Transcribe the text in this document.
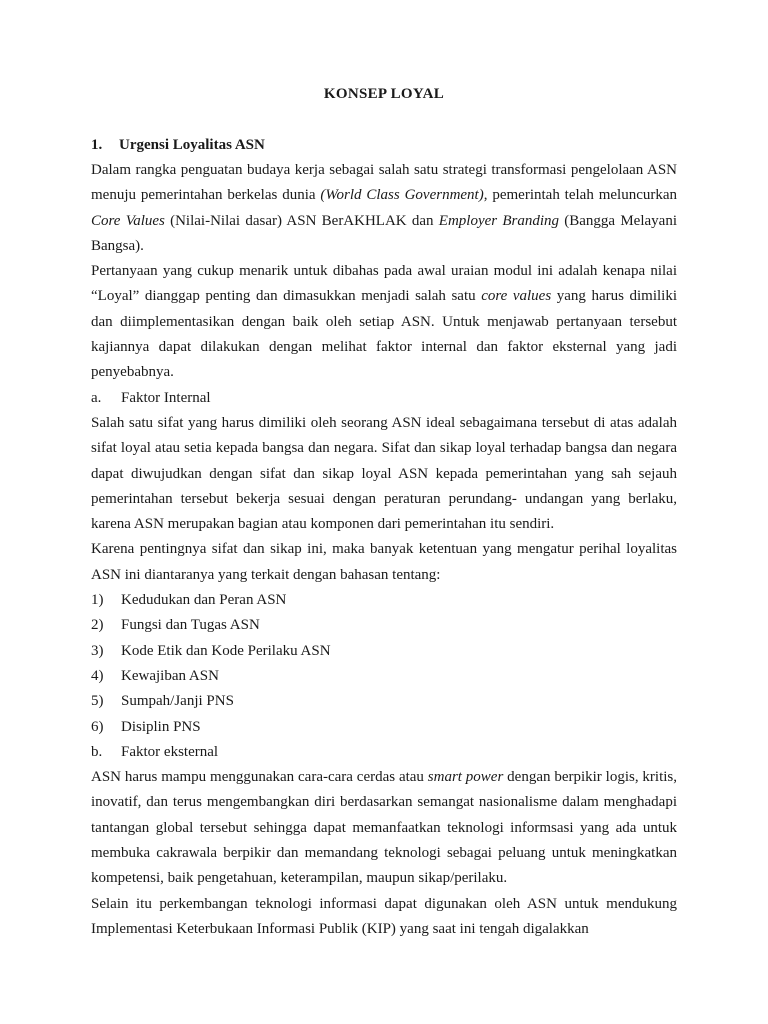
KONSEP LOYAL
1. Urgensi Loyalitas ASN

Dalam rangka penguatan budaya kerja sebagai salah satu strategi transformasi pengelolaan ASN menuju pemerintahan berkelas dunia (World Class Government), pemerintah telah meluncurkan Core Values (Nilai-Nilai dasar) ASN BerAKHLAK dan Employer Branding (Bangga Melayani Bangsa).

Pertanyaan yang cukup menarik untuk dibahas pada awal uraian modul ini adalah kenapa nilai “Loyal” dianggap penting dan dimasukkan menjadi salah satu core values yang harus dimiliki dan diimplementasikan dengan baik oleh setiap ASN. Untuk menjawab pertanyaan tersebut kajiannya dapat dilakukan dengan melihat faktor internal dan faktor eksternal yang jadi penyebabnya.

a.	Faktor Internal

Salah satu sifat yang harus dimiliki oleh seorang ASN ideal sebagaimana tersebut di atas adalah sifat loyal atau setia kepada bangsa dan negara. Sifat dan sikap loyal terhadap bangsa dan negara dapat diwujudkan dengan sifat dan sikap loyal ASN kepada pemerintahan yang sah sejauh pemerintahan tersebut bekerja sesuai dengan peraturan perundang- undangan yang berlaku, karena ASN merupakan bagian atau komponen dari pemerintahan itu sendiri.

Karena pentingnya sifat dan sikap ini, maka banyak ketentuan yang mengatur perihal loyalitas ASN ini diantaranya yang terkait dengan bahasan tentang:

1)	Kedudukan dan Peran ASN
2)	Fungsi dan Tugas ASN
3)	Kode Etik dan Kode Perilaku ASN
4)	Kewajiban ASN
5)	Sumpah/Janji PNS
6)	Disiplin PNS
b.	Faktor eksternal

ASN harus mampu menggunakan cara-cara cerdas atau smart power dengan berpikir logis, kritis, inovatif, dan terus mengembangkan diri berdasarkan semangat nasionalisme dalam menghadapi tantangan global tersebut sehingga dapat memanfaatkan teknologi informsasi yang ada untuk membuka cakrawala berpikir dan memandang teknologi sebagai peluang untuk meningkatkan kompetensi, baik pengetahuan, keterampilan, maupun sikap/perilaku.

Selain itu perkembangan teknologi informasi dapat digunakan oleh ASN untuk mendukung Implementasi Keterbukaan Informasi Publik (KIP) yang saat ini tengah digalakkan
